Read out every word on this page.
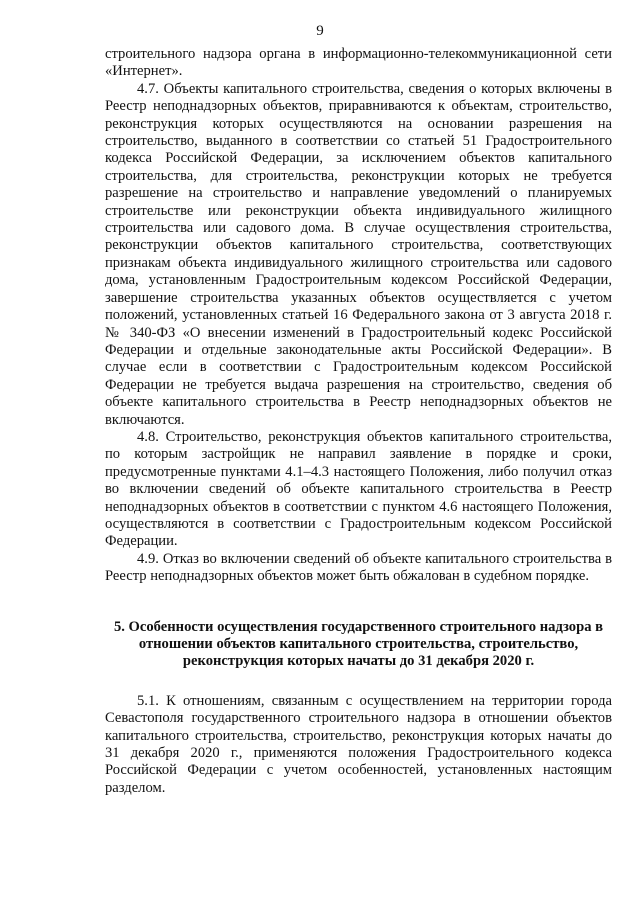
9

строительного надзора органа в информационно-телекоммуникационной сети «Интернет».

4.7. Объекты капитального строительства, сведения о которых включены в Реестр неподнадзорных объектов, приравниваются к объектам, строительство, реконструкция которых осуществляются на основании разрешения на строительство, выданного в соответствии со статьей 51 Градостроительного кодекса Российской Федерации, за исключением объектов капитального строительства, для строительства, реконструкции которых не требуется разрешение на строительство и направление уведомлений о планируемых строительстве или реконструкции объекта индивидуального жилищного строительства или садового дома. В случае осуществления строительства, реконструкции объектов капитального строительства, соответствующих признакам объекта индивидуального жилищного строительства или садового дома, установленным Градостроительным кодексом Российской Федерации, завершение строительства указанных объектов осуществляется с учетом положений, установленных статьей 16 Федерального закона от 3 августа 2018 г. № 340-ФЗ «О внесении изменений в Градостроительный кодекс Российской Федерации и отдельные законодательные акты Российской Федерации». В случае если в соответствии с Градостроительным кодексом Российской Федерации не требуется выдача разрешения на строительство, сведения об объекте капитального строительства в Реестр неподнадзорных объектов не включаются.

4.8. Строительство, реконструкция объектов капитального строительства, по которым застройщик не направил заявление в порядке и сроки, предусмотренные пунктами 4.1–4.3 настоящего Положения, либо получил отказ во включении сведений об объекте капитального строительства в Реестр неподнадзорных объектов в соответствии с пунктом 4.6 настоящего Положения, осуществляются в соответствии с Градостроительным кодексом Российской Федерации.

4.9. Отказ во включении сведений об объекте капитального строительства в Реестр неподнадзорных объектов может быть обжалован в судебном порядке.

5. Особенности осуществления государственного строительного надзора в отношении объектов капитального строительства, строительство, реконструкция которых начаты до 31 декабря 2020 г.

5.1. К отношениям, связанным с осуществлением на территории города Севастополя государственного строительного надзора в отношении объектов капитального строительства, строительство, реконструкция которых начаты до 31 декабря 2020 г., применяются положения Градостроительного кодекса Российской Федерации с учетом особенностей, установленных настоящим разделом.
